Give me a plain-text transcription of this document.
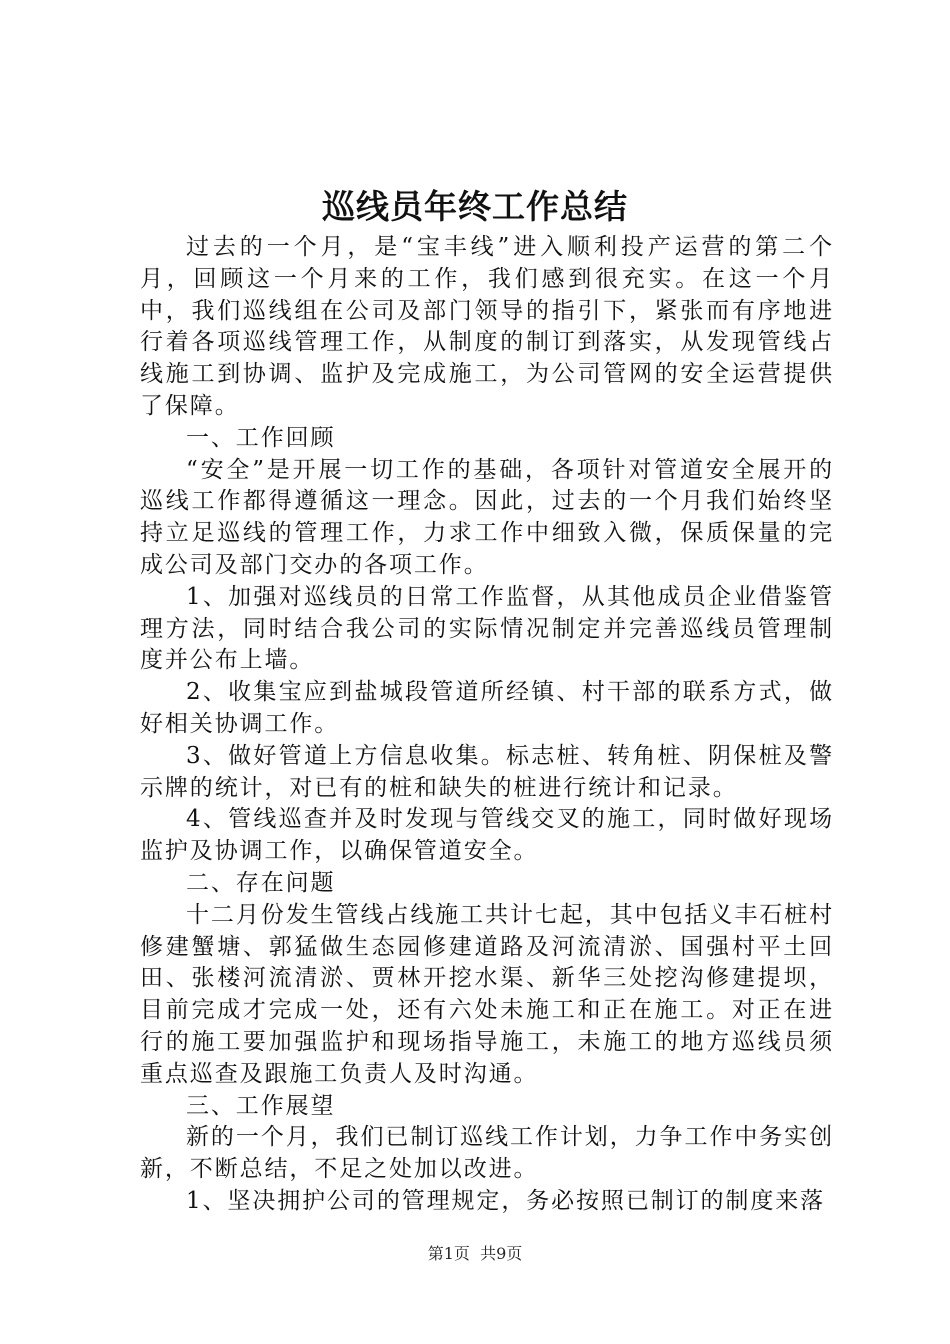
巡线员年终工作总结

过去的一个月，是“宝丰线”进入顺利投产运营的第二个月，回顾这一个月来的工作，我们感到很充实。在这一个月中，我们巡线组在公司及部门领导的指引下，紧张而有序地进行着各项巡线管理工作，从制度的制订到落实，从发现管线占线施工到协调、监护及完成施工，为公司管网的安全运营提供了保障。

一、工作回顾

“安全”是开展一切工作的基础，各项针对管道安全展开的巡线工作都得遵循这一理念。因此，过去的一个月我们始终坚持立足巡线的管理工作，力求工作中细致入微，保质保量的完成公司及部门交办的各项工作。

1、加强对巡线员的日常工作监督，从其他成员企业借鉴管理方法，同时结合我公司的实际情况制定并完善巡线员管理制度并公布上墙。

2、收集宝应到盐城段管道所经镇、村干部的联系方式，做好相关协调工作。

3、做好管道上方信息收集。标志桩、转角桩、阴保桩及警示牌的统计，对已有的桩和缺失的桩进行统计和记录。

4、管线巡查并及时发现与管线交叉的施工，同时做好现场监护及协调工作，以确保管道安全。

二、存在问题

十二月份发生管线占线施工共计七起，其中包括义丰石桩村修建蟹塘、郭猛做生态园修建道路及河流清淤、国强村平土回田、张楼河流清淤、贾林开挖水渠、新华三处挖沟修建提坝，目前完成才完成一处，还有六处未施工和正在施工。对正在进行的施工要加强监护和现场指导施工，未施工的地方巡线员须重点巡查及跟施工负责人及时沟通。

三、工作展望

新的一个月，我们已制订巡线工作计划，力争工作中务实创新，不断总结，不足之处加以改进。

1、坚决拥护公司的管理规定，务必按照已制订的制度来落

第1页  共9页
